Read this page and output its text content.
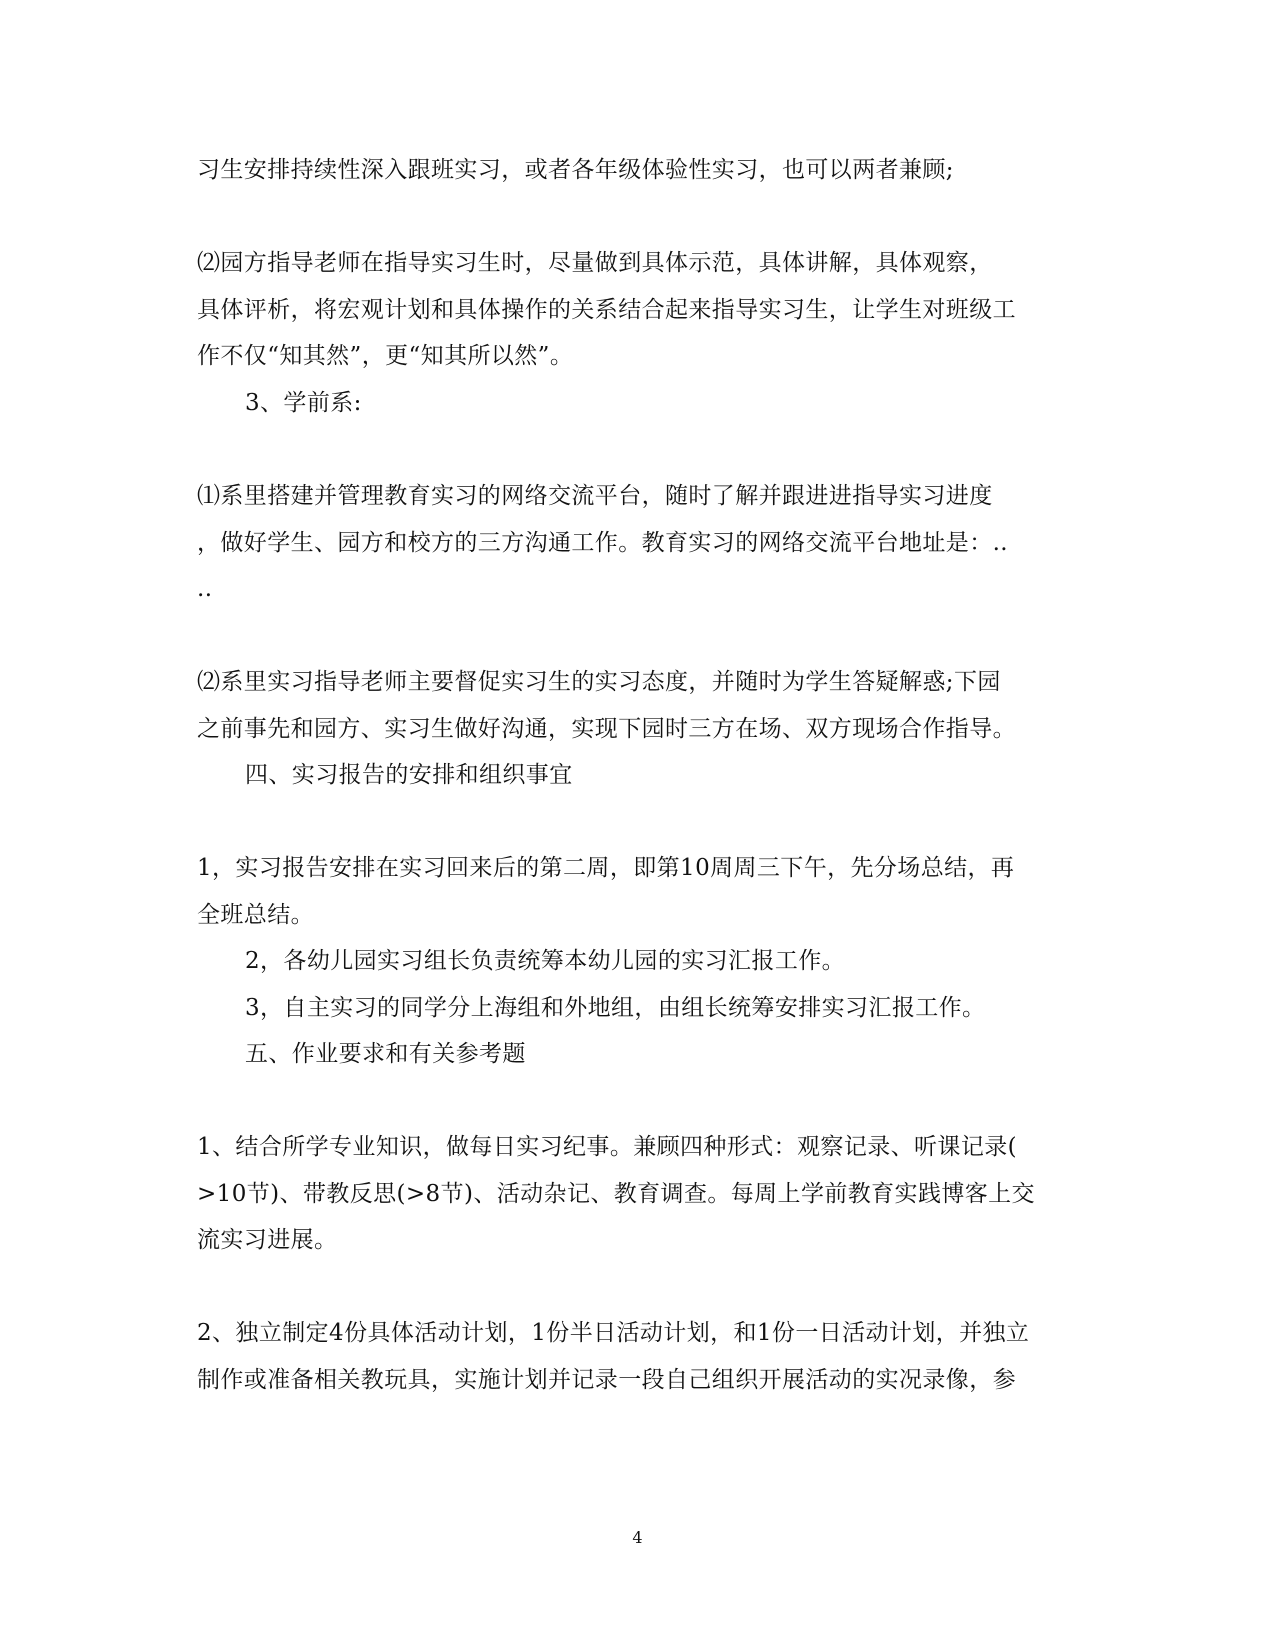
习生安排持续性深入跟班实习，或者各年级体验性实习，也可以两者兼顾;
⑵园方指导老师在指导实习生时，尽量做到具体示范，具体讲解，具体观察，
具体评析，将宏观计划和具体操作的关系结合起来指导实习生，让学生对班级工
作不仅“知其然”，更“知其所以然”。
3、学前系:
⑴系里搭建并管理教育实习的网络交流平台，随时了解并跟进进指导实习进度
，做好学生、园方和校方的三方沟通工作。教育实习的网络交流平台地址是：..
..
⑵系里实习指导老师主要督促实习生的实习态度，并随时为学生答疑解惑;下园
之前事先和园方、实习生做好沟通，实现下园时三方在场、双方现场合作指导。
四、实习报告的安排和组织事宜
1，实习报告安排在实习回来后的第二周，即第10周周三下午，先分场总结，再
全班总结。
2，各幼儿园实习组长负责统筹本幼儿园的实习汇报工作。
3，自主实习的同学分上海组和外地组，由组长统筹安排实习汇报工作。
五、作业要求和有关参考题
1、结合所学专业知识，做每日实习纪事。兼顾四种形式：观察记录、听课记录(
>10节)、带教反思(>8节)、活动杂记、教育调查。每周上学前教育实践博客上交
流实习进展。
2、独立制定4份具体活动计划，1份半日活动计划，和1份一日活动计划，并独立
制作或准备相关教玩具，实施计划并记录一段自己组织开展活动的实况录像，参
4
